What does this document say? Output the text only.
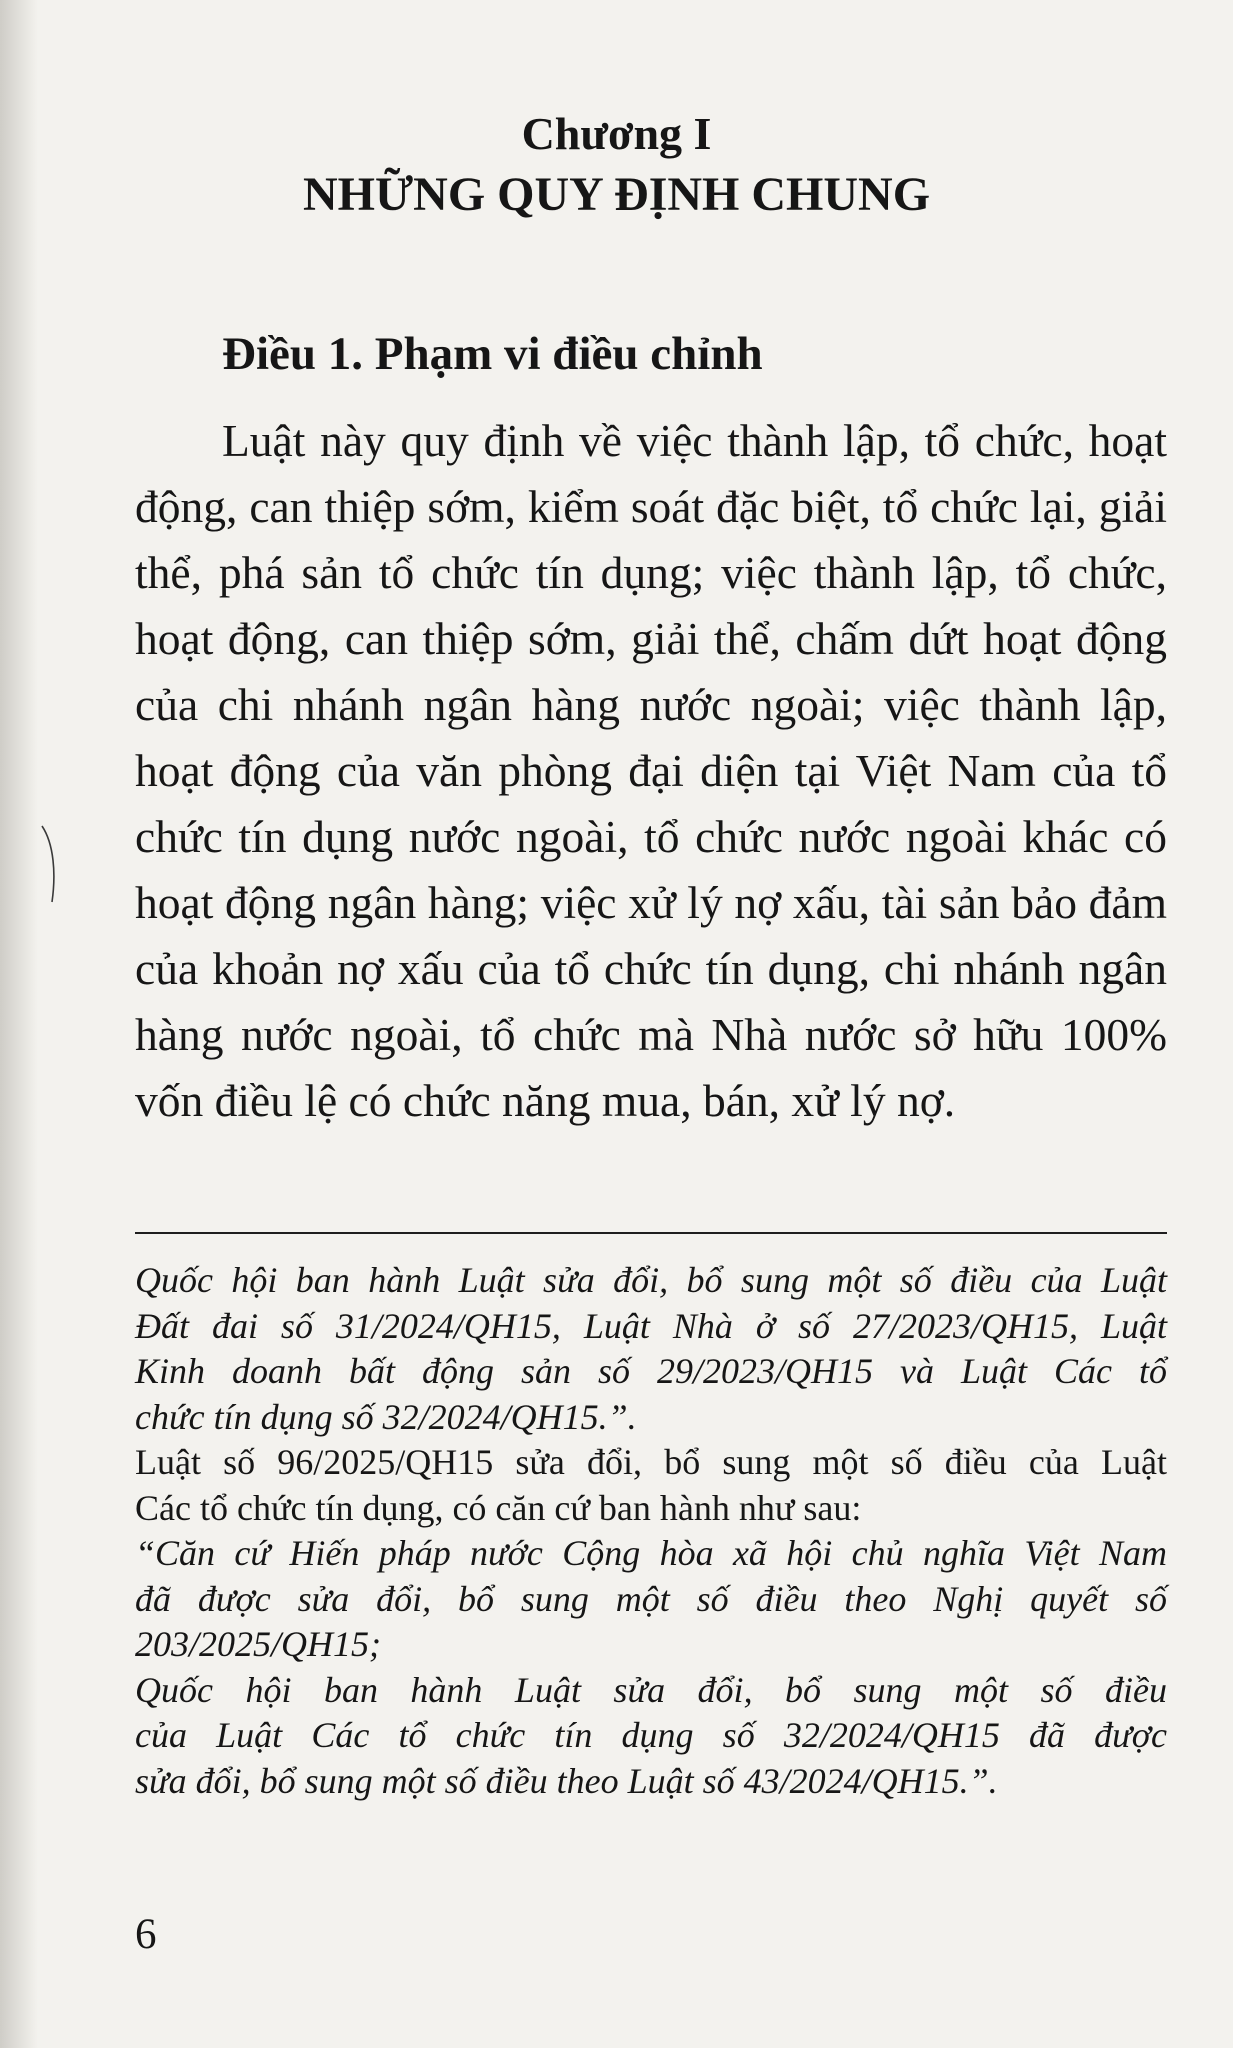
Chương I
NHỮNG QUY ĐỊNH CHUNG
Điều 1. Phạm vi điều chỉnh
Luật này quy định về việc thành lập, tổ chức, hoạt
động, can thiệp sớm, kiểm soát đặc biệt, tổ chức lại, giải
thể, phá sản tổ chức tín dụng; việc thành lập, tổ chức,
hoạt động, can thiệp sớm, giải thể, chấm dứt hoạt động
của chi nhánh ngân hàng nước ngoài; việc thành lập,
hoạt động của văn phòng đại diện tại Việt Nam của tổ
chức tín dụng nước ngoài, tổ chức nước ngoài khác có
hoạt động ngân hàng; việc xử lý nợ xấu, tài sản bảo đảm
của khoản nợ xấu của tổ chức tín dụng, chi nhánh ngân
hàng nước ngoài, tổ chức mà Nhà nước sở hữu 100%
vốn điều lệ có chức năng mua, bán, xử lý nợ.
Quốc hội ban hành Luật sửa đổi, bổ sung một số điều của Luật
Đất đai số 31/2024/QH15, Luật Nhà ở số 27/2023/QH15, Luật
Kinh doanh bất động sản số 29/2023/QH15 và Luật Các tổ
chức tín dụng số 32/2024/QH15.”.
Luật số 96/2025/QH15 sửa đổi, bổ sung một số điều của Luật
Các tổ chức tín dụng, có căn cứ ban hành như sau:
“Căn cứ Hiến pháp nước Cộng hòa xã hội chủ nghĩa Việt Nam
đã được sửa đổi, bổ sung một số điều theo Nghị quyết số
203/2025/QH15;
Quốc hội ban hành Luật sửa đổi, bổ sung một số điều
của Luật Các tổ chức tín dụng số 32/2024/QH15 đã được
sửa đổi, bổ sung một số điều theo Luật số 43/2024/QH15.”.
6
